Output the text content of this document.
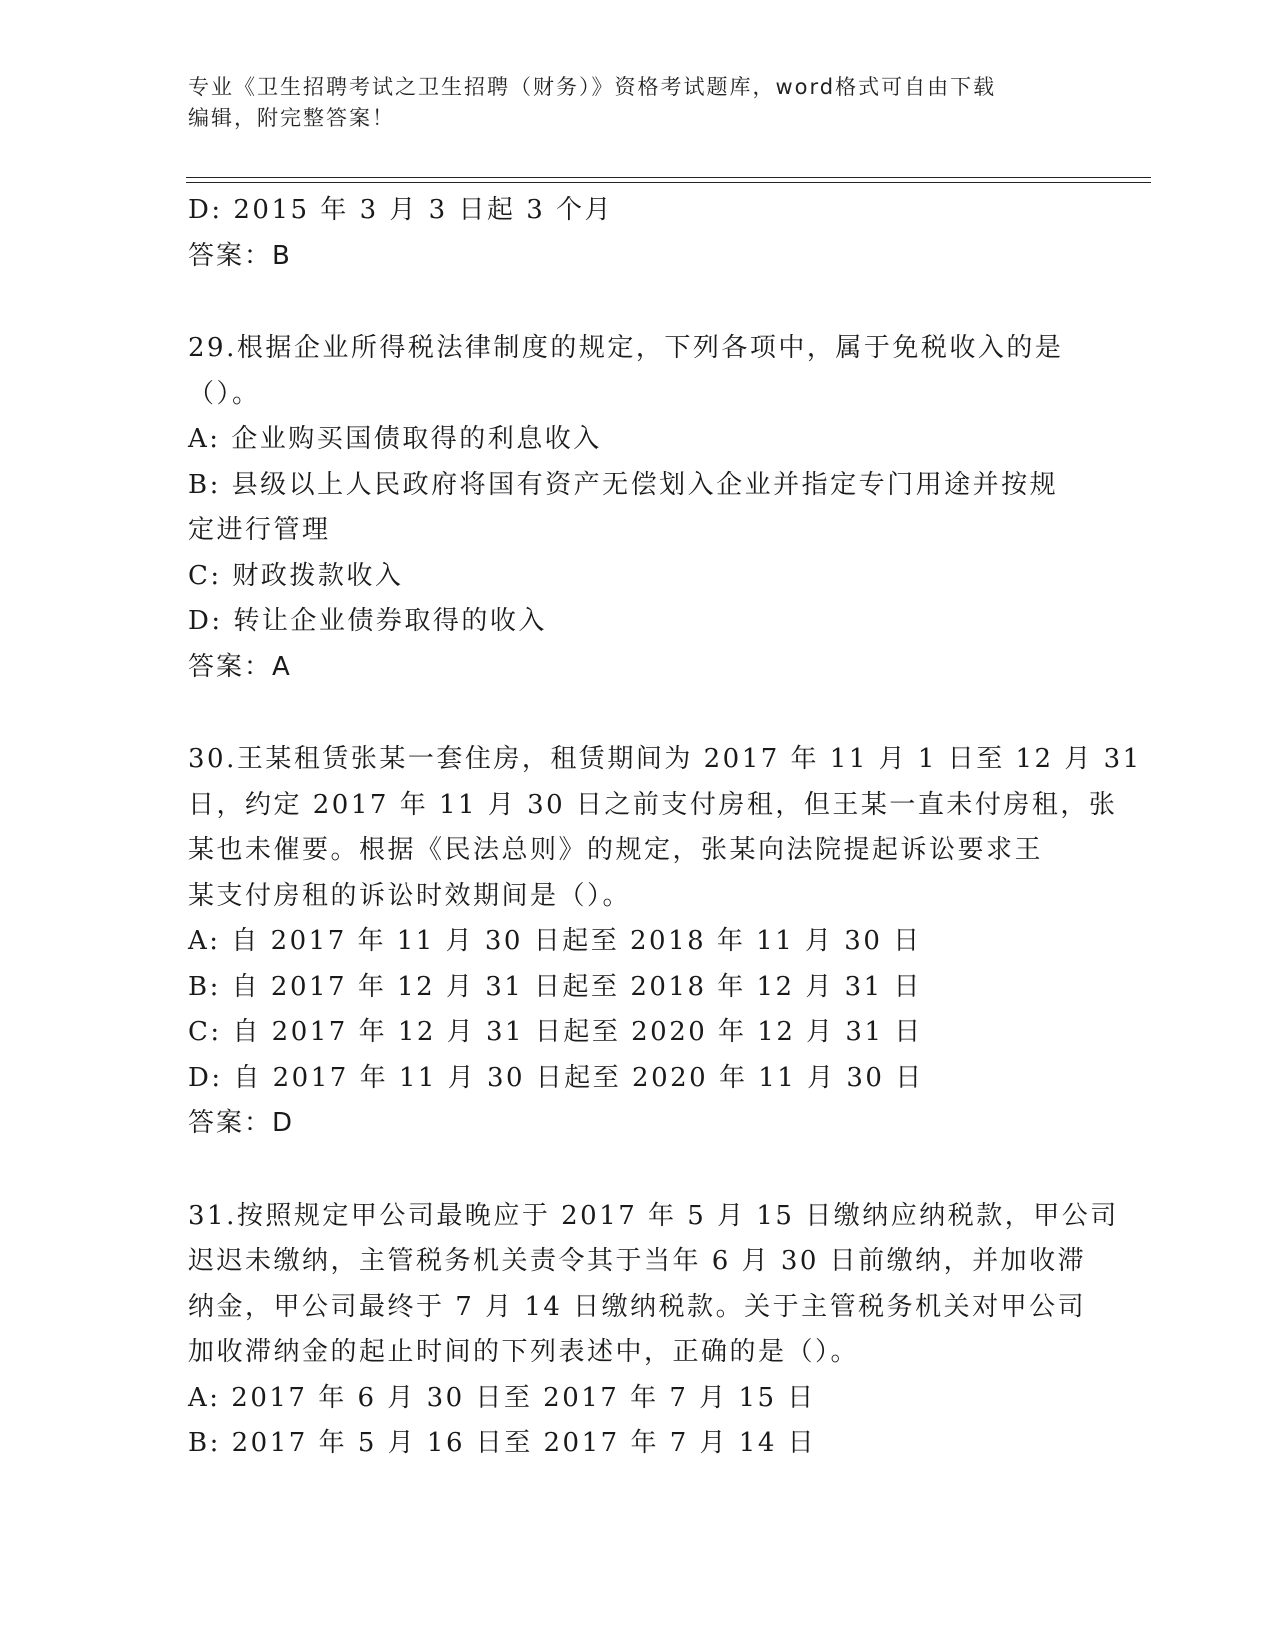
专业《卫生招聘考试之卫生招聘（财务）》资格考试题库，word格式可自由下载
编辑，附完整答案！
D: 2015 年 3 月 3 日起 3 个月
答案：B
29.根据企业所得税法律制度的规定，下列各项中，属于免税收入的是
（）。
A: 企业购买国债取得的利息收入
B: 县级以上人民政府将国有资产无偿划入企业并指定专门用途并按规
定进行管理
C: 财政拨款收入
D: 转让企业债券取得的收入
答案：A
30.王某租赁张某一套住房，租赁期间为 2017 年 11 月 1 日至 12 月 31
日，约定 2017 年 11 月 30 日之前支付房租，但王某一直未付房租，张
某也未催要。根据《民法总则》的规定，张某向法院提起诉讼要求王
某支付房租的诉讼时效期间是（）。
A: 自 2017 年 11 月 30 日起至 2018 年 11 月 30 日
B: 自 2017 年 12 月 31 日起至 2018 年 12 月 31 日
C: 自 2017 年 12 月 31 日起至 2020 年 12 月 31 日
D: 自 2017 年 11 月 30 日起至 2020 年 11 月 30 日
答案：D
31.按照规定甲公司最晚应于 2017 年 5 月 15 日缴纳应纳税款，甲公司
迟迟未缴纳，主管税务机关责令其于当年 6 月 30 日前缴纳，并加收滞
纳金，甲公司最终于 7 月 14 日缴纳税款。关于主管税务机关对甲公司
加收滞纳金的起止时间的下列表述中，正确的是（）。
A: 2017 年 6 月 30 日至 2017 年 7 月 15 日
B: 2017 年 5 月 16 日至 2017 年 7 月 14 日
